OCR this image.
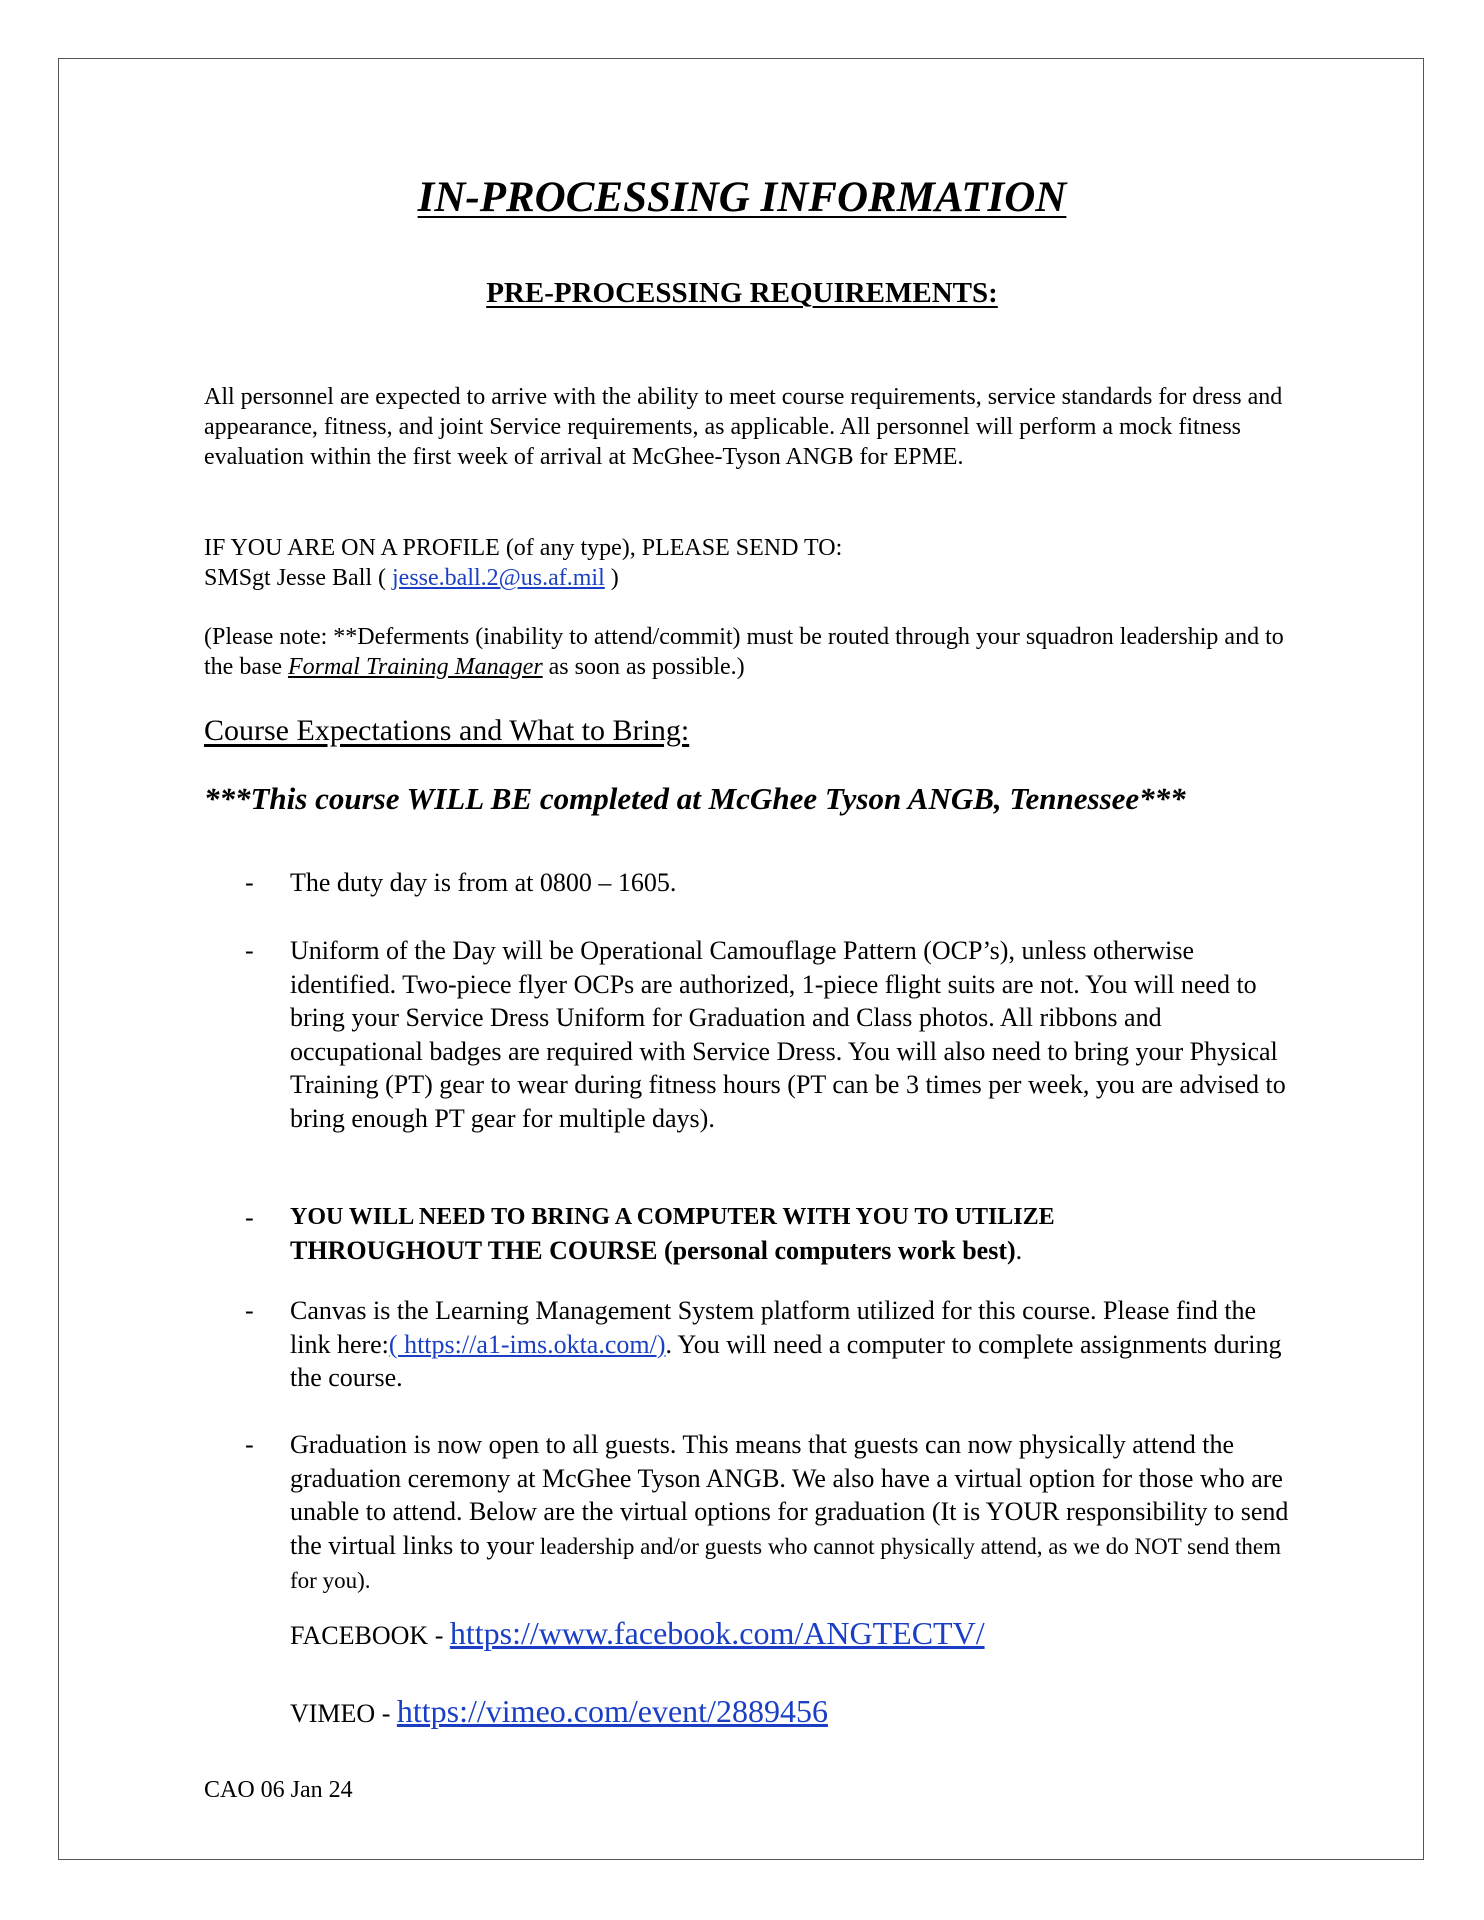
IN-PROCESSING INFORMATION
PRE-PROCESSING REQUIREMENTS:
All personnel are expected to arrive with the ability to meet course requirements, service standards for dress and appearance, fitness, and joint Service requirements, as applicable. All personnel will perform a mock fitness evaluation within the first week of arrival at McGhee-Tyson ANGB for EPME.
IF YOU ARE ON A PROFILE (of any type), PLEASE SEND TO:
SMSgt Jesse Ball ( jesse.ball.2@us.af.mil )
(Please note: **Deferments (inability to attend/commit) must be routed through your squadron leadership and to the base Formal Training Manager as soon as possible.)
Course Expectations and What to Bring:
***This course WILL BE completed at McGhee Tyson ANGB, Tennessee***
- The duty day is from at 0800 – 1605.
- Uniform of the Day will be Operational Camouflage Pattern (OCP’s), unless otherwise identified. Two-piece flyer OCPs are authorized, 1-piece flight suits are not. You will need to bring your Service Dress Uniform for Graduation and Class photos. All ribbons and occupational badges are required with Service Dress. You will also need to bring your Physical Training (PT) gear to wear during fitness hours (PT can be 3 times per week, you are advised to bring enough PT gear for multiple days).
- YOU WILL NEED TO BRING A COMPUTER WITH YOU TO UTILIZE
THROUGHOUT THE COURSE (personal computers work best).
- Canvas is the Learning Management System platform utilized for this course. Please find the link here:( https://a1-ims.okta.com/). You will need a computer to complete assignments during the course.
- Graduation is now open to all guests. This means that guests can now physically attend the graduation ceremony at McGhee Tyson ANGB. We also have a virtual option for those who are unable to attend. Below are the virtual options for graduation (It is YOUR responsibility to send the virtual links to your leadership and/or guests who cannot physically attend, as we do NOT send them for you).
FACEBOOK - https://www.facebook.com/ANGTECTV/
VIMEO - https://vimeo.com/event/2889456
CAO 06 Jan 24
